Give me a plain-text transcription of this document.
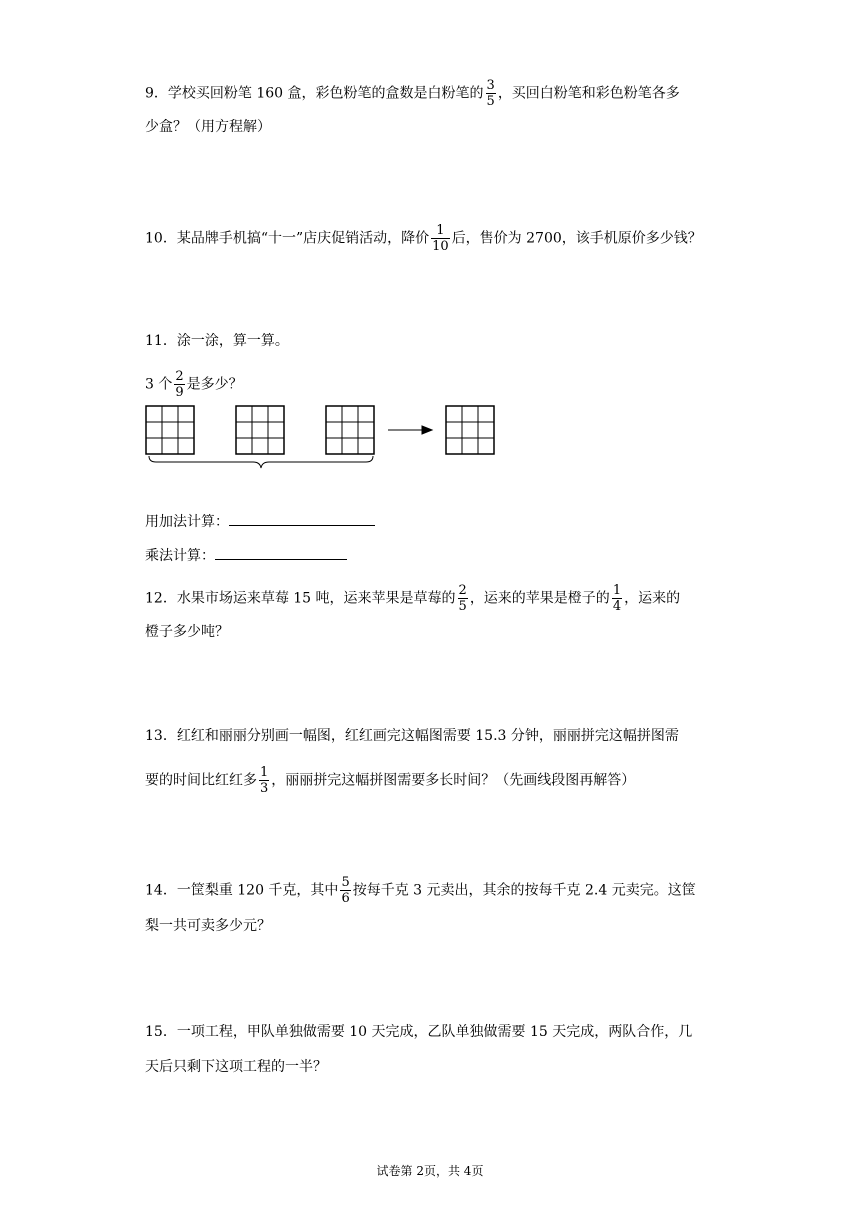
9．学校买回粉笔 160 盒，彩色粉笔的盒数是白粉笔的 $\frac{3}{5}$ ，买回白粉笔和彩色粉笔各多
少盒？（用方程解）
10．某品牌手机搞“十一”店庆促销活动，降价 $\frac{1}{10}$ 后，售价为 2700，该手机原价多少钱？
11．涂一涂，算一算。
3 个 $\frac{2}{9}$ 是多少？
用加法计算：
乘法计算：
12．水果市场运来草莓 15 吨，运来苹果是草莓的 $\frac{2}{5}$ ，运来的苹果是橙子的 $\frac{1}{4}$ ，运来的
橙子多少吨？
13．红红和丽丽分别画一幅图，红红画完这幅图需要 15.3 分钟，丽丽拼完这幅拼图需
要的时间比红红多 $\frac{1}{3}$ ，丽丽拼完这幅拼图需要多长时间？（先画线段图再解答）
14．一筐梨重 120 千克，其中 $\frac{5}{6}$ 按每千克 3 元卖出，其余的按每千克 2.4 元卖完。这筐
梨一共可卖多少元？
15．一项工程，甲队单独做需要 10 天完成，乙队单独做需要 15 天完成，两队合作，几
天后只剩下这项工程的一半？
试卷第 2页，共 4页
